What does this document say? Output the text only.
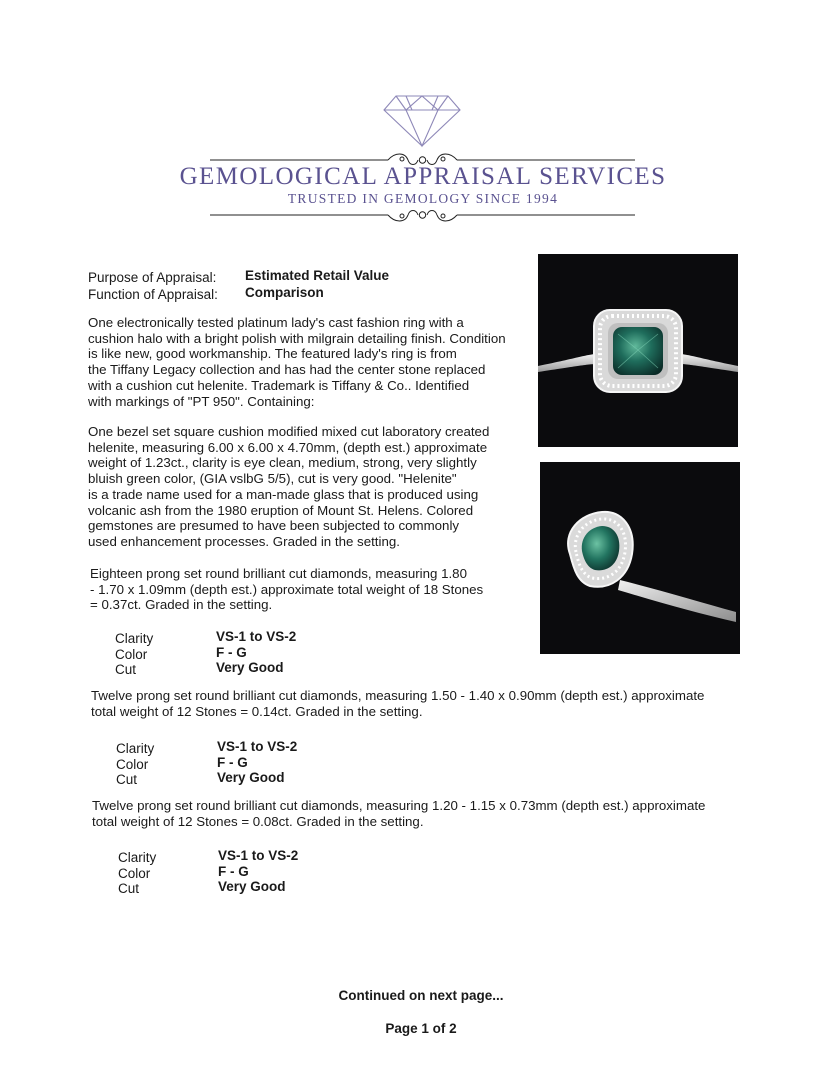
GEMOLOGICAL APPRAISAL SERVICES
TRUSTED IN GEMOLOGY SINCE 1994
Purpose of Appraisal: Estimated Retail Value
Function of Appraisal: Comparison
One electronically tested platinum lady's cast fashion ring with a
cushion halo with a bright polish with milgrain detailing finish. Condition
is like new, good workmanship. The featured lady's ring is from
the Tiffany Legacy collection and has had the center stone replaced
with a cushion cut helenite. Trademark is Tiffany & Co.. Identified
with markings of "PT 950". Containing:
One bezel set square cushion modified mixed cut laboratory created
helenite, measuring 6.00 x 6.00 x 4.70mm, (depth est.) approximate
weight of 1.23ct., clarity is eye clean, medium, strong, very slightly
bluish green color, (GIA vslbG 5/5), cut is very good. "Helenite"
is a trade name used for a man-made glass that is produced using
volcanic ash from the 1980 eruption of Mount St. Helens. Colored
gemstones are presumed to have been subjected to commonly
used enhancement processes. Graded in the setting.
Eighteen prong set round brilliant cut diamonds, measuring 1.80
- 1.70 x 1.09mm (depth est.) approximate total weight of 18 Stones
= 0.37ct. Graded in the setting.
Clarity
Color
Cut
VS-1 to VS-2
F - G
Very Good
Twelve prong set round brilliant cut diamonds, measuring 1.50 - 1.40 x 0.90mm (depth est.) approximate
total weight of 12 Stones = 0.14ct. Graded in the setting.
Clarity
Color
Cut
VS-1 to VS-2
F - G
Very Good
Twelve prong set round brilliant cut diamonds, measuring 1.20 - 1.15 x 0.73mm (depth est.) approximate
total weight of 12 Stones = 0.08ct. Graded in the setting.
Clarity
Color
Cut
VS-1 to VS-2
F - G
Very Good
Continued on next page...
Page 1 of 2
